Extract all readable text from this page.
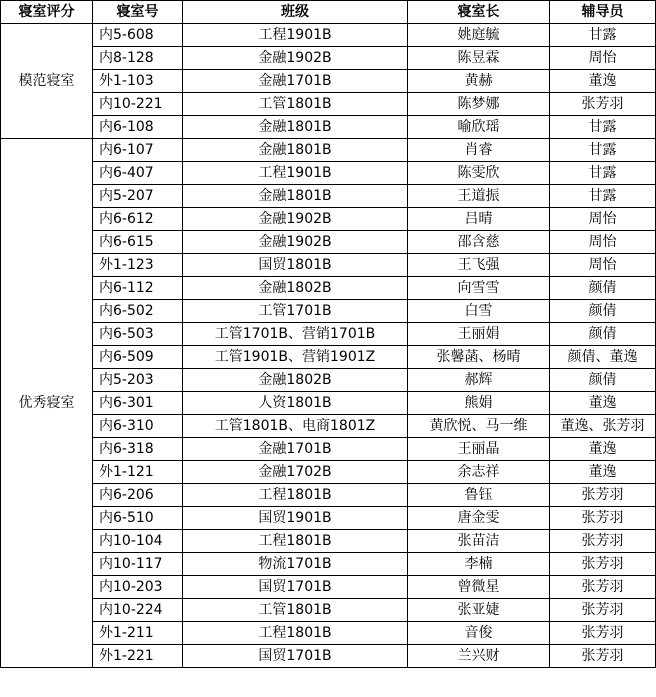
寝室评分	寝室号	班级	寝室长	辅导员
模范寝室	内5-608	工程1901B	姚庭毓	甘露
	内8-128	金融1902B	陈昱霖	周怡
	外1-103	金融1701B	黄赫	董逸
	内10-221	工管1801B	陈梦娜	张芳羽
	内6-108	金融1801B	喻欣瑶	甘露
优秀寝室	内6-107	金融1801B	肖睿	甘露
	内6-407	工程1901B	陈雯欣	甘露
	内5-207	金融1801B	王道振	甘露
	内6-612	金融1902B	吕晴	周怡
	内6-615	金融1902B	邵含慈	周怡
	外1-123	国贸1801B	王飞强	周怡
	内6-112	金融1802B	向雪雪	颜倩
	内6-502	工管1701B	白雪	颜倩
	内6-503	工管1701B、营销1701B	王丽娟	颜倩
	内6-509	工管1901B、营销1901Z	张馨菡、杨晴	颜倩、董逸
	内5-203	金融1802B	郝辉	颜倩
	内6-301	人资1801B	熊娟	董逸
	内6-310	工管1801B、电商1801Z	黄欣悦、马一维	董逸、张芳羽
	内6-318	金融1701B	王丽晶	董逸
	外1-121	金融1702B	余志祥	董逸
	内6-206	工程1801B	鲁钰	张芳羽
	内6-510	国贸1901B	唐金雯	张芳羽
	内10-104	工程1801B	张苗洁	张芳羽
	内10-117	物流1701B	李楠	张芳羽
	内10-203	国贸1701B	曾微星	张芳羽
	内10-224	工管1801B	张亚婕	张芳羽
	外1-211	工程1801B	音俊	张芳羽
	外1-221	国贸1701B	兰兴财	张芳羽
